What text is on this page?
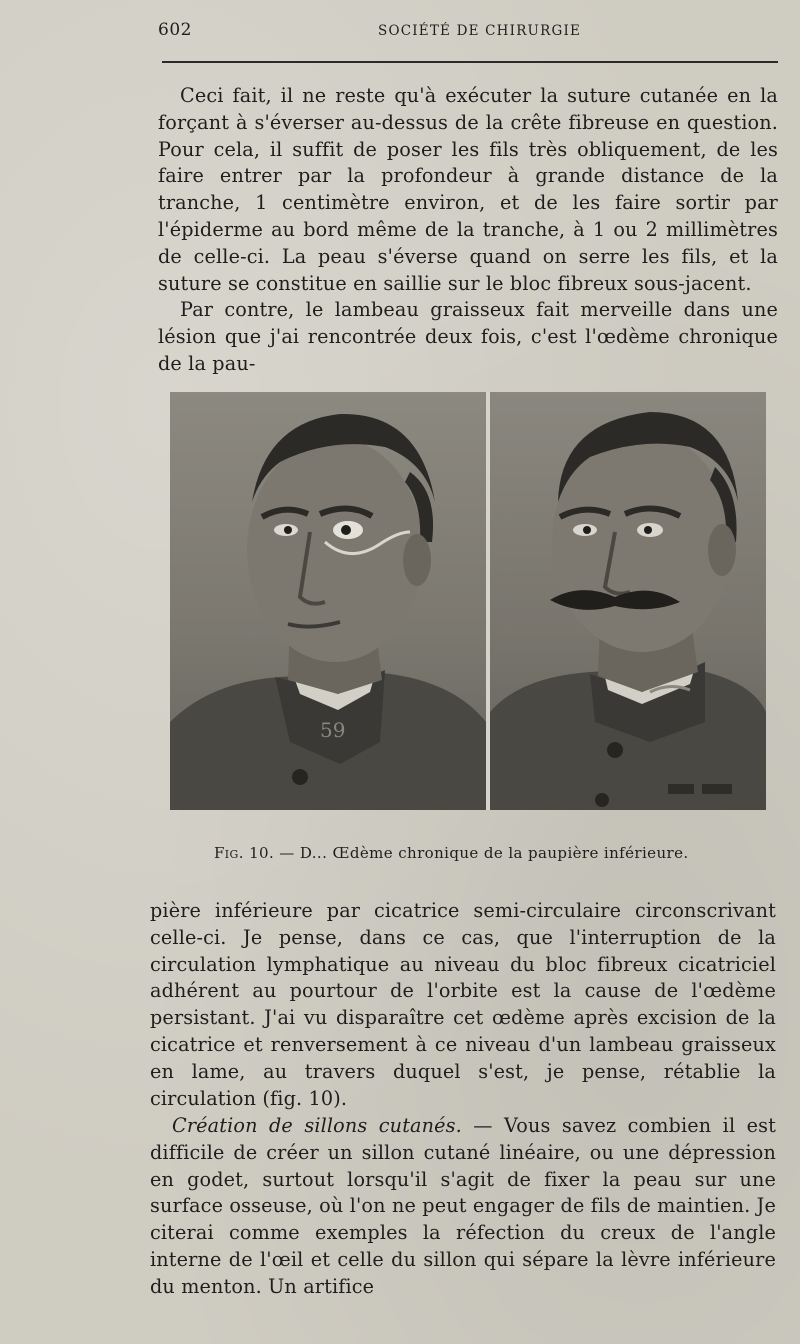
602	SOCIÉTÉ DE CHIRURGIE

Ceci fait, il ne reste qu'à exécuter la suture cutanée en la forçant à s'éverser au-dessus de la crête fibreuse en question. Pour cela, il suffit de poser les fils très obliquement, de les faire entrer par la profondeur à grande distance de la tranche, 1 centimètre environ, et de les faire sortir par l'épiderme au bord même de la tranche, à 1 ou 2 millimètres de celle-ci. La peau s'éverse quand on serre les fils, et la suture se constitue en saillie sur le bloc fibreux sous-jacent.

Par contre, le lambeau graisseux fait merveille dans une lésion que j'ai rencontrée deux fois, c'est l'œdème chronique de la pau-

59

Fig. 10. — D... Œdème chronique de la paupière inférieure.

pière inférieure par cicatrice semi-circulaire circonscrivant celle-ci. Je pense, dans ce cas, que l'interruption de la circulation lymphatique au niveau du bloc fibreux cicatriciel adhérent au pourtour de l'orbite est la cause de l'œdème persistant. J'ai vu disparaître cet œdème après excision de la cicatrice et renversement à ce niveau d'un lambeau graisseux en lame, au travers duquel s'est, je pense, rétablie la circulation (fig. 10).

Création de sillons cutanés. — Vous savez combien il est difficile de créer un sillon cutané linéaire, ou une dépression en godet, surtout lorsqu'il s'agit de fixer la peau sur une surface osseuse, où l'on ne peut engager de fils de maintien. Je citerai comme exemples la réfection du creux de l'angle interne de l'œil et celle du sillon qui sépare la lèvre inférieure du menton. Un artifice
